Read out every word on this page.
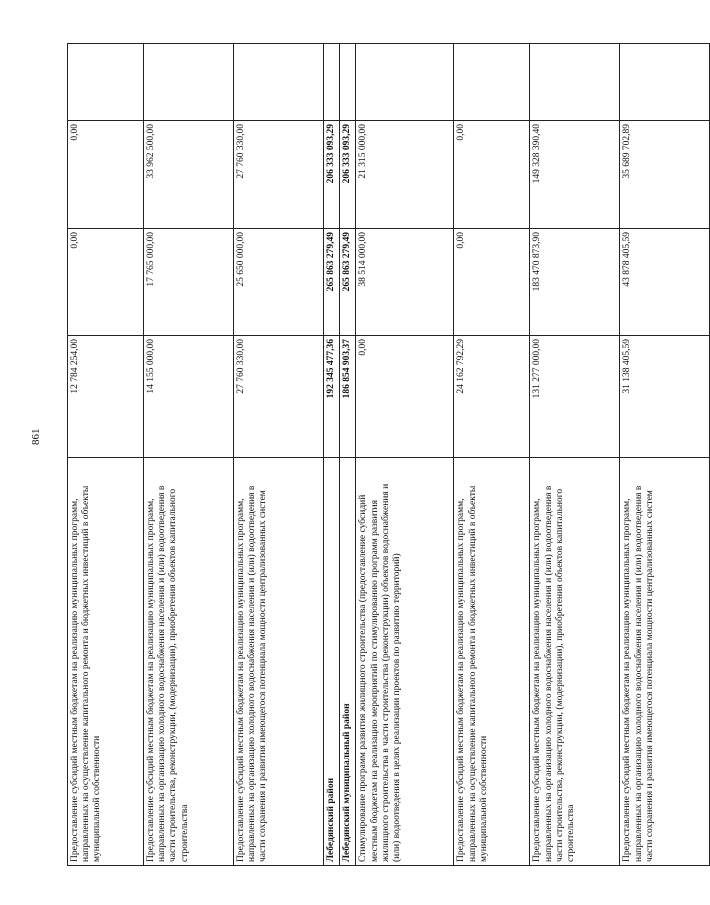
861
Предоставление субсидий местным бюджетам на реализацию муниципальных программ, направленных на осуществление капитального ремонта и бюджетных инвестиций в объекты муниципальной собственности	12 784 254,00	0,00	0,00	
Предоставление субсидий местным бюджетам на реализацию муниципальных программ, направленных на организацию холодного водоснабжения населения и (или) водоотведения в части строительства, реконструкции, (модернизации), приобретения объектов капитального строительства	14 155 000,00	17 765 000,00	33 962 500,00	
Предоставление субсидий местным бюджетам на реализацию муниципальных программ, направленных на организацию холодного водоснабжения населения и (или) водоотведения в части сохранения и развития имеющегося потенциала мощности централизованных систем	27 760 330,00	25 650 000,00	27 760 330,00	
Лебедянский район	192 345 477,36	265 863 279,49	206 333 093,29	
Лебедянский муниципальный район	186 854 903,37	265 863 279,49	206 333 093,29	
Стимулирование программ развития жилищного строительства (предоставление субсидий местным бюджетам на реализацию мероприятий по стимулированию программ развития жилищного строительства в части строительства (реконструкции) объектов водоснабжения и (или) водоотведения в целях реализации проектов по развитию территорий)	0,00	38 514 000,00	21 315 000,00	
Предоставление субсидий местным бюджетам на реализацию муниципальных программ, направленных на осуществление капитального ремонта и бюджетных инвестиций в объекты муниципальной собственности	24 162 792,29	0,00	0,00	
Предоставление субсидий местным бюджетам на реализацию муниципальных программ, направленных на организацию холодного водоснабжения населения и (или) водоотведения в части строительства, реконструкции, (модернизации), приобретения объектов капитального строительства	131 277 000,00	183 470 873,90	149 328 390,40	
Предоставление субсидий местным бюджетам на реализацию муниципальных программ, направленных на организацию холодного водоснабжения населения и (или) водоотведения в части сохранения и развития имеющегося потенциала мощности централизованных систем	31 138 405,59	43 878 405,59	35 689 702,89	
